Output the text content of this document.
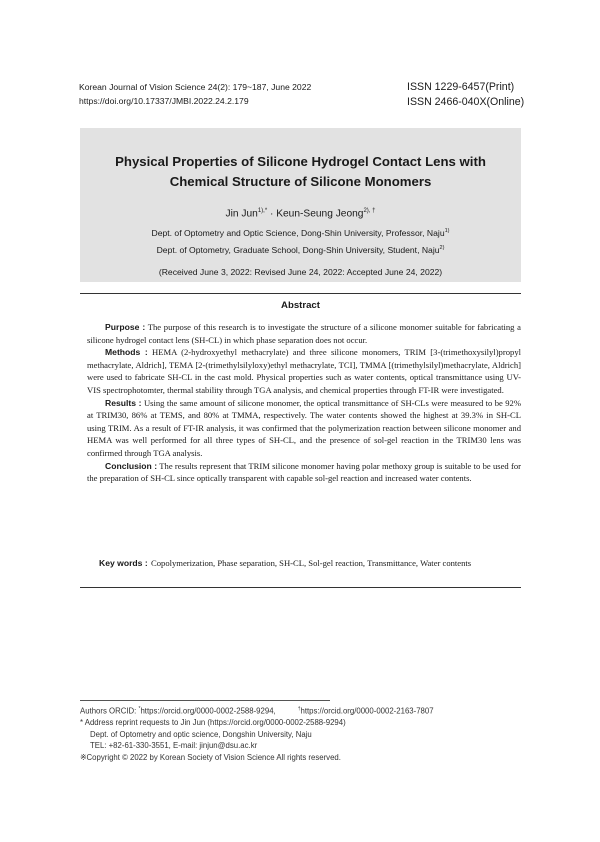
Korean Journal of Vision Science 24(2): 179~187, June 2022
https://doi.org/10.17337/JMBI.2022.24.2.179
ISSN 1229-6457(Print)
ISSN 2466-040X(Online)
Physical Properties of Silicone Hydrogel Contact Lens with
Chemical Structure of Silicone Monomers
Jin Jun$^{1),*}$ · Keun-Seung Jeong$^{2), \dagger}$
Dept. of Optometry and Optic Science, Dong-Shin University, Professor, Naju$^{1)}$
Dept. of Optometry, Graduate School, Dong-Shin University, Student, Naju$^{2)}$
(Received June 3, 2022: Revised June 24, 2022: Accepted June 24, 2022)
Abstract

Purpose : The purpose of this research is to investigate the structure of a silicone monomer suitable for fabricating a silicone hydrogel contact lens (SH-CL) in which phase separation does not occur.

Methods : HEMA (2-hydroxyethyl methacrylate) and three silicone monomers, TRIM [3-(trimethoxysilyl)propyl methacrylate, Aldrich], TEMA [2-(trimethylsilyloxy)ethyl methacrylate, TCI], TMMA [(trimethylsilyl)methacrylate, Aldrich] were used to fabricate SH-CL in the cast mold. Physical properties such as water contents, optical transmittance using UV-VIS spectrophotomter, thermal stability through TGA analysis, and chemical properties through FT-IR were investigated.

Results : Using the same amount of silicone monomer, the optical transmittance of SH-CLs were measured to be 92% at TRIM30, 86% at TEMS, and 80% at TMMA, respectively. The water contents showed the highest at 39.3% in SH-CL using TRIM. As a result of FT-IR analysis, it was confirmed that the polymerization reaction between silicone monomer and HEMA was well performed for all three types of SH-CL, and the presence of sol-gel reaction in the TRIM30 lens was confirmed through TGA analysis.

Conclusion : The results represent that TRIM silicone monomer having polar methoxy group is suitable to be used for the preparation of SH-CL since optically transparent with capable sol-gel reaction and increased water contents.

Key words : Copolymerization, Phase separation, SH-CL, Sol-gel reaction, Transmittance, Water contents
Authors ORCID: *https://orcid.org/0000-0002-2588-9294,	†https://orcid.org/0000-0002-2163-7807
* Address reprint requests to Jin Jun (https://orcid.org/0000-0002-2588-9294)
Dept. of Optometry and optic science, Dongshin University, Naju
TEL: +82-61-330-3551, E-mail: jinjun@dsu.ac.kr
※Copyright © 2022 by Korean Society of Vision Science All rights reserved.
